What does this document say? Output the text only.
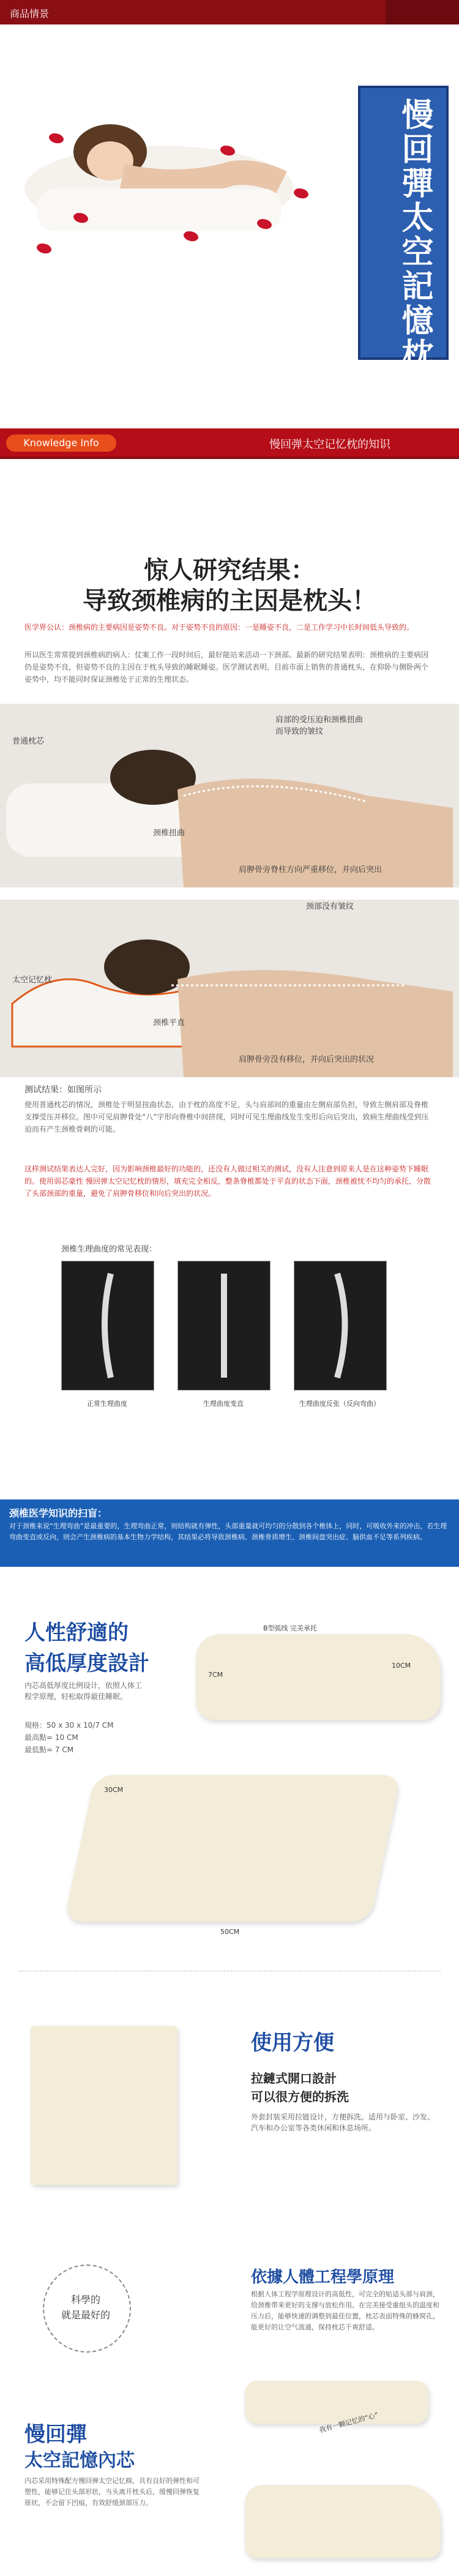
商品情景
慢回彈太空記憶枕
Knowledge Info	慢回弹太空记忆枕的知识
惊人研究结果：
导致颈椎病的主因是枕头！
医学界公认：颈椎病的主要病因是姿势不良。对于姿势不良的原因：一是睡姿不良，二是工作学习中长时间低头导致的。
所以医生常常提到颈椎病的病人：仗案工作一段时间后，最好能站来活动一下颈部。最新的研究结果表明：颈椎病的主要病因仍是姿势不良，但姿势不良的主因在于枕头导致的睡眠睡姿。医学测试表明，目前市面上销售的普通枕头，在仰卧与侧卧两个姿势中，均不能同时保证颈椎处于正常的生理状态。
普通枕芯
肩部的受压迫和颈椎扭曲
而导致的皱纹
颈椎扭曲
肩胛骨旁脊柱方向严重移位，并向后突出
颈部没有皱纹
太空记忆枕
颈椎平直
肩胛骨旁没有移位，并向后突出的状况
测试结果：如图所示
使用普通枕芯的情况，颈椎处于明显扭曲状态，由于枕的高度不足，头与肩部间的重量由左侧肩部负担，导致左侧肩部及脊椎支撑受压并移位。图中可见肩胛骨处“八”字形向脊椎中间挤现，同时可见生理曲线发生变形后向后突出，致病生理曲线受到压迫而有产生颈椎骨刺的可能。
这样测试结果表达人完好，因为影响颈椎最好的功能的，还没有人做过相关的测试，没有人注意到原来人是在这种姿势下睡眠的。使用弱芯豪性 慢回弹太空记忆枕的情形，填充完全相反，整条脊椎都处于平直的状态下面，颈椎被忧不均匀的承托，分散了头部颈部的重量，避免了肩胛骨移位和向后突出的状况。
颈椎生理曲度的常见表现：
正常生理曲度	生理曲度变直	生理曲度反张（反向弯曲）
颈椎医学知识的扫盲：
对于颈椎来说“生理弯曲”是最重要的，生理弯曲正常，则结构就有弹性，头部重量就可均匀的分散到各个椎体上，同时，可吸收外来的冲击，若生理弯曲变直或反向，则会产生颈椎病的基本生物力学结构，其结果必将导致颈椎病、颈椎骨质增生、颈椎间盘突出症、脑供血不足等系列疾病。
人性舒適的
高低厚度設計
内芯高低厚度比例设计，依照人体工程学原理，轻松取得最佳睡眠。
規格：50 x 30 x 10/7 CM
最高點= 10 CM
最低點= 7 CM
B型弧线 完美承托
7CM
10CM
30CM
50CM
使用方便
拉鏈式開口設計
可以很方便的拆洗
外套封装采用拉链设计，方便拆洗。适用与卧室、沙发、汽车和办公室等各类休闲和休息场所。
科學的
就是最好的
依據人體工程學原理
根据人体工程学原理设计的高低性，可完全的贴适头部与肩颈，给颈椎带来更好的支撑与放松作用。在完美接受重组头的温度和压力后，能够快速的调整到最佳位置，枕芯表面特殊的蜂窝孔，能更好的让空气流通，保持枕芯干爽舒适。
慢回彈
太空記憶內芯
内芯采用特殊配方慢回弹太空记忆棉，具有良好的弹性和可塑性，能够记住头部形状，当头离开枕头后，缓慢回弹恢复原状，不会留下凹痕，有效舒缓颈部压力。
我有一颗记忆的“心”
